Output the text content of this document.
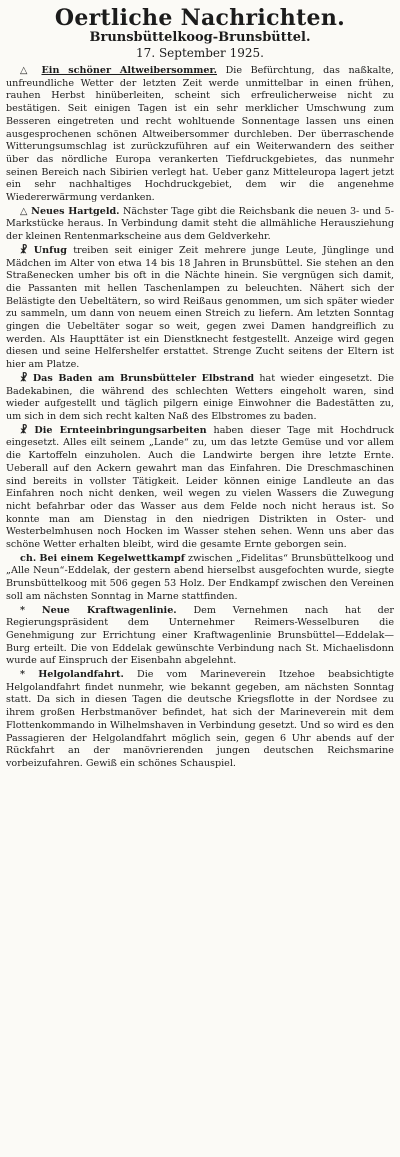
Oertliche Nachrichten.
Brunsbüttelkoog-Brunsbüttel.
17. September 1925.

△ Ein schöner Altweibersommer. Die Befürchtung, das naßkalte, unfreundliche Wetter der letzten Zeit werde unmittelbar in einen frühen, rauhen Herbst hinüberleiten, scheint sich erfreulicherweise nicht zu bestätigen. Seit einigen Tagen ist ein sehr merklicher Umschwung zum Besseren eingetreten und recht wohltuende Sonnentage lassen uns einen ausgesprochenen schönen Altweibersommer durchleben. Der überraschende Witterungsumschlag ist zurückzuführen auf ein Weiterwandern des seither über das nördliche Europa verankerten Tiefdruckgebietes, das nunmehr seinen Bereich nach Sibirien verlegt hat. Ueber ganz Mitteleuropa lagert jetzt ein sehr nachhaltiges Hochdruckgebiet, dem wir die angenehme Wiedererwärmung verdanken.

△ Neues Hartgeld. Nächster Tage gibt die Reichsbank die neuen 3- und 5-Markstücke heraus. In Verbindung damit steht die allmähliche Herausziehung der kleinen Rentenmarkscheine aus dem Geldverkehr.

☧ Unfug treiben seit einiger Zeit mehrere junge Leute, Jünglinge und Mädchen im Alter von etwa 14 bis 18 Jahren in Brunsbüttel. Sie stehen an den Straßenecken umher bis oft in die Nächte hinein. Sie vergnügen sich damit, die Passanten mit hellen Taschenlampen zu beleuchten. Nähert sich der Belästigte den Uebeltätern, so wird Reißaus genommen, um sich später wieder zu sammeln, um dann von neuem einen Streich zu liefern. Am letzten Sonntag gingen die Uebeltäter sogar so weit, gegen zwei Damen handgreiflich zu werden. Als Haupttäter ist ein Dienstknecht festgestellt. Anzeige wird gegen diesen und seine Helfershelfer erstattet. Strenge Zucht seitens der Eltern ist hier am Platze.

☧ Das Baden am Brunsbütteler Elbstrand hat wieder eingesetzt. Die Badekabinen, die während des schlechten Wetters eingeholt waren, sind wieder aufgestellt und täglich pilgern einige Einwohner die Badestätten zu, um sich in dem sich recht kalten Naß des Elbstromes zu baden.

☧ Die Ernteeinbringungsarbeiten haben dieser Tage mit Hochdruck eingesetzt. Alles eilt seinem „Lande“ zu, um das letzte Gemüse und vor allem die Kartoffeln einzuholen. Auch die Landwirte bergen ihre letzte Ernte. Ueberall auf den Ackern gewahrt man das Einfahren. Die Dreschmaschinen sind bereits in vollster Tätigkeit. Leider können einige Landleute an das Einfahren noch nicht denken, weil wegen zu vielen Wassers die Zuwegung nicht befahrbar oder das Wasser aus dem Felde noch nicht heraus ist. So konnte man am Dienstag in den niedrigen Distrikten in Oster- und Westerbelmhusen noch Hocken im Wasser stehen sehen. Wenn uns aber das schöne Wetter erhalten bleibt, wird die gesamte Ernte geborgen sein.

ch. Bei einem Kegelwettkampf zwischen „Fidelitas“ Brunsbüttelkoog und „Alle Neun“-Eddelak, der gestern abend hierselbst ausgefochten wurde, siegte Brunsbüttelkoog mit 506 gegen 53 Holz. Der Endkampf zwischen den Vereinen soll am nächsten Sonntag in Marne stattfinden.

* Neue Kraftwagenlinie. Dem Vernehmen nach hat der Regierungspräsident dem Unternehmer Reimers-Wesselburen die Genehmigung zur Errichtung einer Kraftwagenlinie Brunsbüttel—Eddelak—Burg erteilt. Die von Eddelak gewünschte Verbindung nach St. Michaelisdonn wurde auf Einspruch der Eisenbahn abgelehnt.

* Helgolandfahrt. Die vom Marineverein Itzehoe beabsichtigte Helgolandfahrt findet nunmehr, wie bekannt gegeben, am nächsten Sonntag statt. Da sich in diesen Tagen die deutsche Kriegsflotte in der Nordsee zu ihrem großen Herbstmanöver befindet, hat sich der Marineverein mit dem Flottenkommando in Wilhelmshaven in Verbindung gesetzt. Und so wird es den Passagieren der Helgolandfahrt möglich sein, gegen 6 Uhr abends auf der Rückfahrt an der manövrierenden jungen deutschen Reichsmarine vorbeizufahren. Gewiß ein schönes Schauspiel.
